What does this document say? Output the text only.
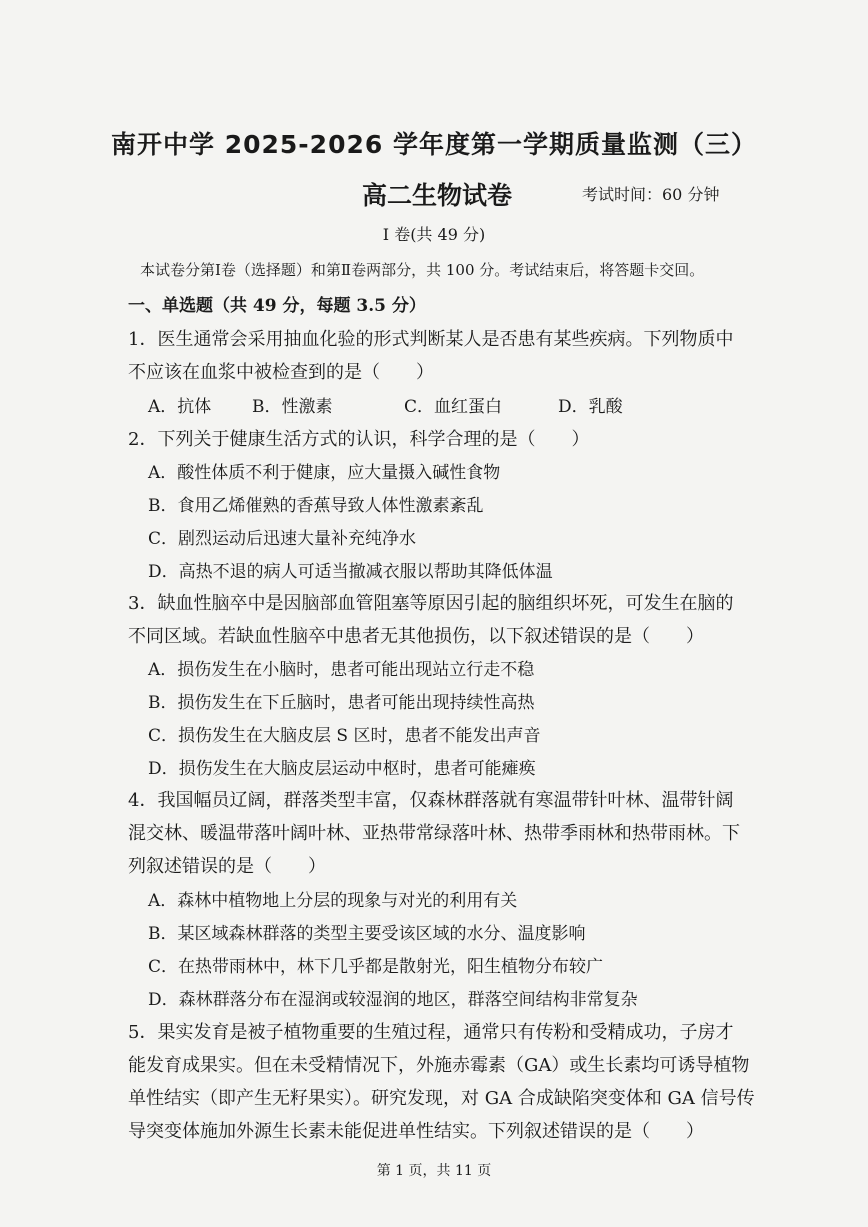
南开中学 2025-2026 学年度第一学期质量监测（三）
高二生物试卷	考试时间：60 分钟
I 卷(共 49 分)
本试卷分第Ⅰ卷（选择题）和第Ⅱ卷两部分，共 100 分。考试结束后，将答题卡交回。
一、单选题（共 49 分，每题 3.5 分）
1．医生通常会采用抽血化验的形式判断某人是否患有某些疾病。下列物质中
不应该在血浆中被检查到的是（　　）
A．抗体 B．性激素	C．血红蛋白	D．乳酸
2．下列关于健康生活方式的认识，科学合理的是（　　）
A．酸性体质不利于健康，应大量摄入碱性食物
B．食用乙烯催熟的香蕉导致人体性激素紊乱
C．剧烈运动后迅速大量补充纯净水
D．高热不退的病人可适当撤减衣服以帮助其降低体温
3．缺血性脑卒中是因脑部血管阻塞等原因引起的脑组织坏死，可发生在脑的
不同区域。若缺血性脑卒中患者无其他损伤，以下叙述错误的是（　　）
A．损伤发生在小脑时，患者可能出现站立行走不稳
B．损伤发生在下丘脑时，患者可能出现持续性高热
C．损伤发生在大脑皮层 S 区时，患者不能发出声音
D．损伤发生在大脑皮层运动中枢时，患者可能瘫痪
4．我国幅员辽阔，群落类型丰富，仅森林群落就有寒温带针叶林、温带针阔
混交林、暖温带落叶阔叶林、亚热带常绿落叶林、热带季雨林和热带雨林。下
列叙述错误的是（　　）
A．森林中植物地上分层的现象与对光的利用有关
B．某区域森林群落的类型主要受该区域的水分、温度影响
C．在热带雨林中，林下几乎都是散射光，阳生植物分布较广
D．森林群落分布在湿润或较湿润的地区，群落空间结构非常复杂
5．果实发育是被子植物重要的生殖过程，通常只有传粉和受精成功，子房才
能发育成果实。但在未受精情况下，外施赤霉素（GA）或生长素均可诱导植物
单性结实（即产生无籽果实）。研究发现，对 GA 合成缺陷突变体和 GA 信号传
导突变体施加外源生长素未能促进单性结实。下列叙述错误的是（　　）
第 1 页，共 11 页
